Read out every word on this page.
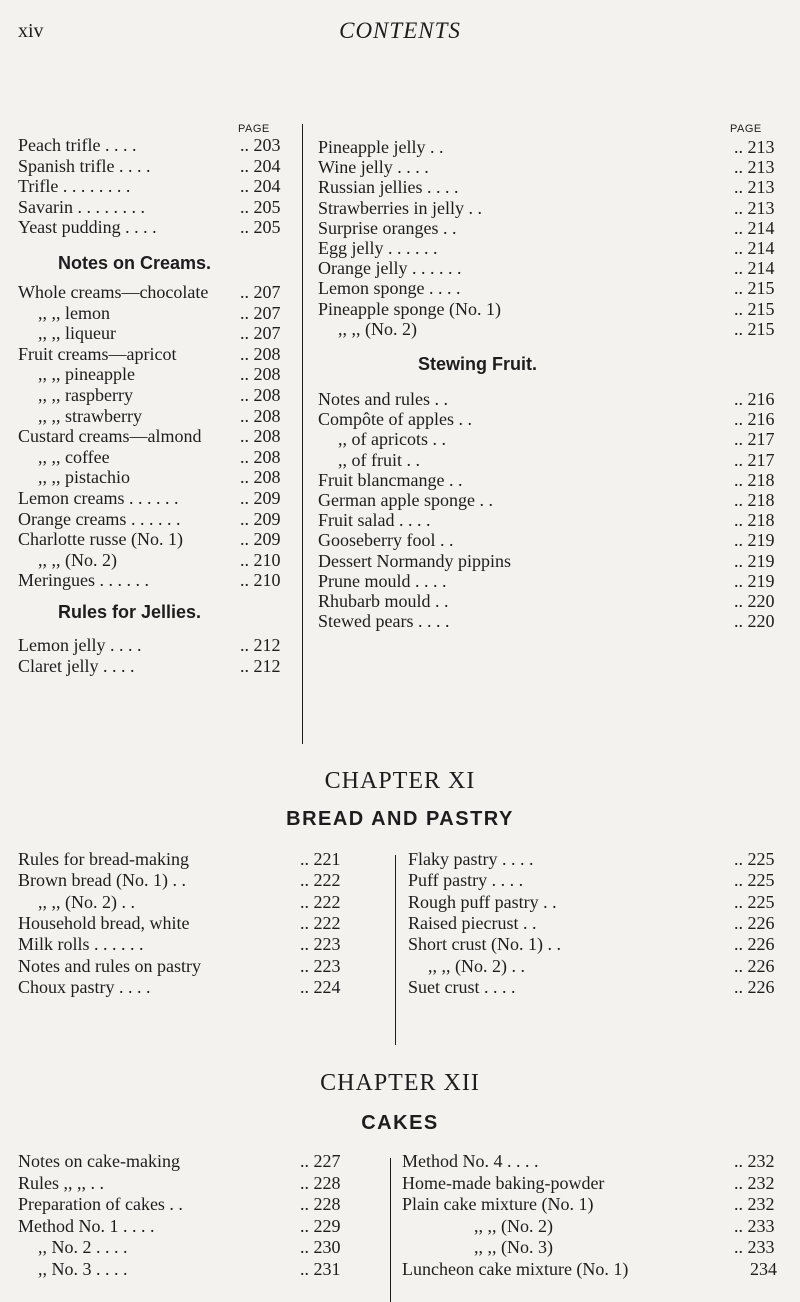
xiv	CONTENTS
PAGE	PAGE
Peach trifle . . . .	.. 203
Spanish trifle . . . .	.. 204
Trifle . . . . . . . .	.. 204
Savarin . . . . . . . .	.. 205
Yeast pudding . . . .	.. 205
Notes on Creams.
Whole creams—chocolate .. 207
,, ,, lemon	.. 207
,, ,, liqueur	.. 207
Fruit creams—apricot	.. 208
,, ,, pineapple	.. 208
,, ,, raspberry	.. 208
,, ,, strawberry	.. 208
Custard creams—almond .. 208
,, ,, coffee	.. 208
,, ,, pistachio	.. 208
Lemon creams . . . . . .	.. 209
Orange creams . . . . . .	.. 209
Charlotte russe (No. 1)	.. 209
,, ,, (No. 2)	.. 210
Meringues . . . . . .	.. 210
Rules for Jellies.
Lemon jelly . . . .	.. 212
Claret jelly . . . .	.. 212
Pineapple jelly . .	.. 213
Wine jelly . . . .	.. 213
Russian jellies . . . .	.. 213
Strawberries in jelly . .	.. 213
Surprise oranges . .	.. 214
Egg jelly . . . . . .	.. 214
Orange jelly . . . . . .	.. 214
Lemon sponge . . . .	.. 215
Pineapple sponge (No. 1)	.. 215
,, ,, (No. 2)	.. 215
Stewing Fruit.
Notes and rules . .	.. 216
Compôte of apples . .	.. 216
,, of apricots . .	.. 217
,, of fruit . .	.. 217
Fruit blancmange . .	.. 218
German apple sponge . .	.. 218
Fruit salad . . . .	.. 218
Gooseberry fool . .	.. 219
Dessert Normandy pippins	.. 219
Prune mould . . . .	.. 219
Rhubarb mould . .	.. 220
Stewed pears . . . .	.. 220
CHAPTER XI
BREAD AND PASTRY
Rules for bread-making	.. 221
Brown bread (No. 1) . .	.. 222
,, ,, (No. 2) . .	.. 222
Household bread, white	.. 222
Milk rolls . . . . . .	.. 223
Notes and rules on pastry	.. 223
Choux pastry . . . .	.. 224
Flaky pastry . . . .	.. 225
Puff pastry . . . .	.. 225
Rough puff pastry . .	.. 225
Raised piecrust . .	.. 226
Short crust (No. 1) . .	.. 226
,, ,, (No. 2) . .	.. 226
Suet crust . . . .	.. 226
CHAPTER XII
CAKES
Notes on cake-making	.. 227
Rules ,, ,, . .	.. 228
Preparation of cakes . .	.. 228
Method No. 1 . . . .	.. 229
,, No. 2 . . . .	.. 230
,, No. 3 . . . .	.. 231
Method No. 4 . . . .	.. 232
Home-made baking-powder	.. 232
Plain cake mixture (No. 1)	.. 232
,, ,, (No. 2)	.. 233
,, ,, (No. 3)	.. 233
Luncheon cake mixture (No. 1)	234
